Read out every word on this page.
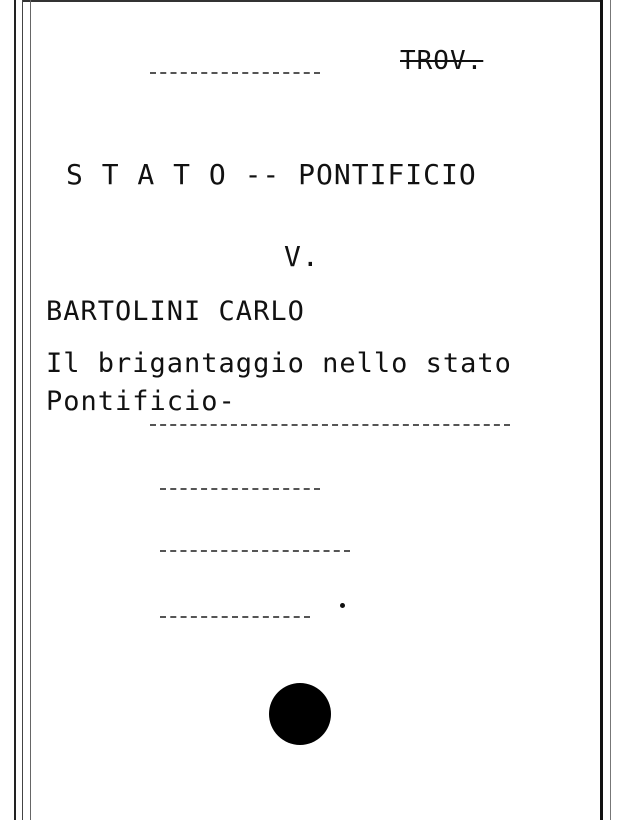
TROV.
S T A T O -- PONTIFICIO
V.
BARTOLINI CARLO
Il brigantaggio nello stato
Pontificio-
